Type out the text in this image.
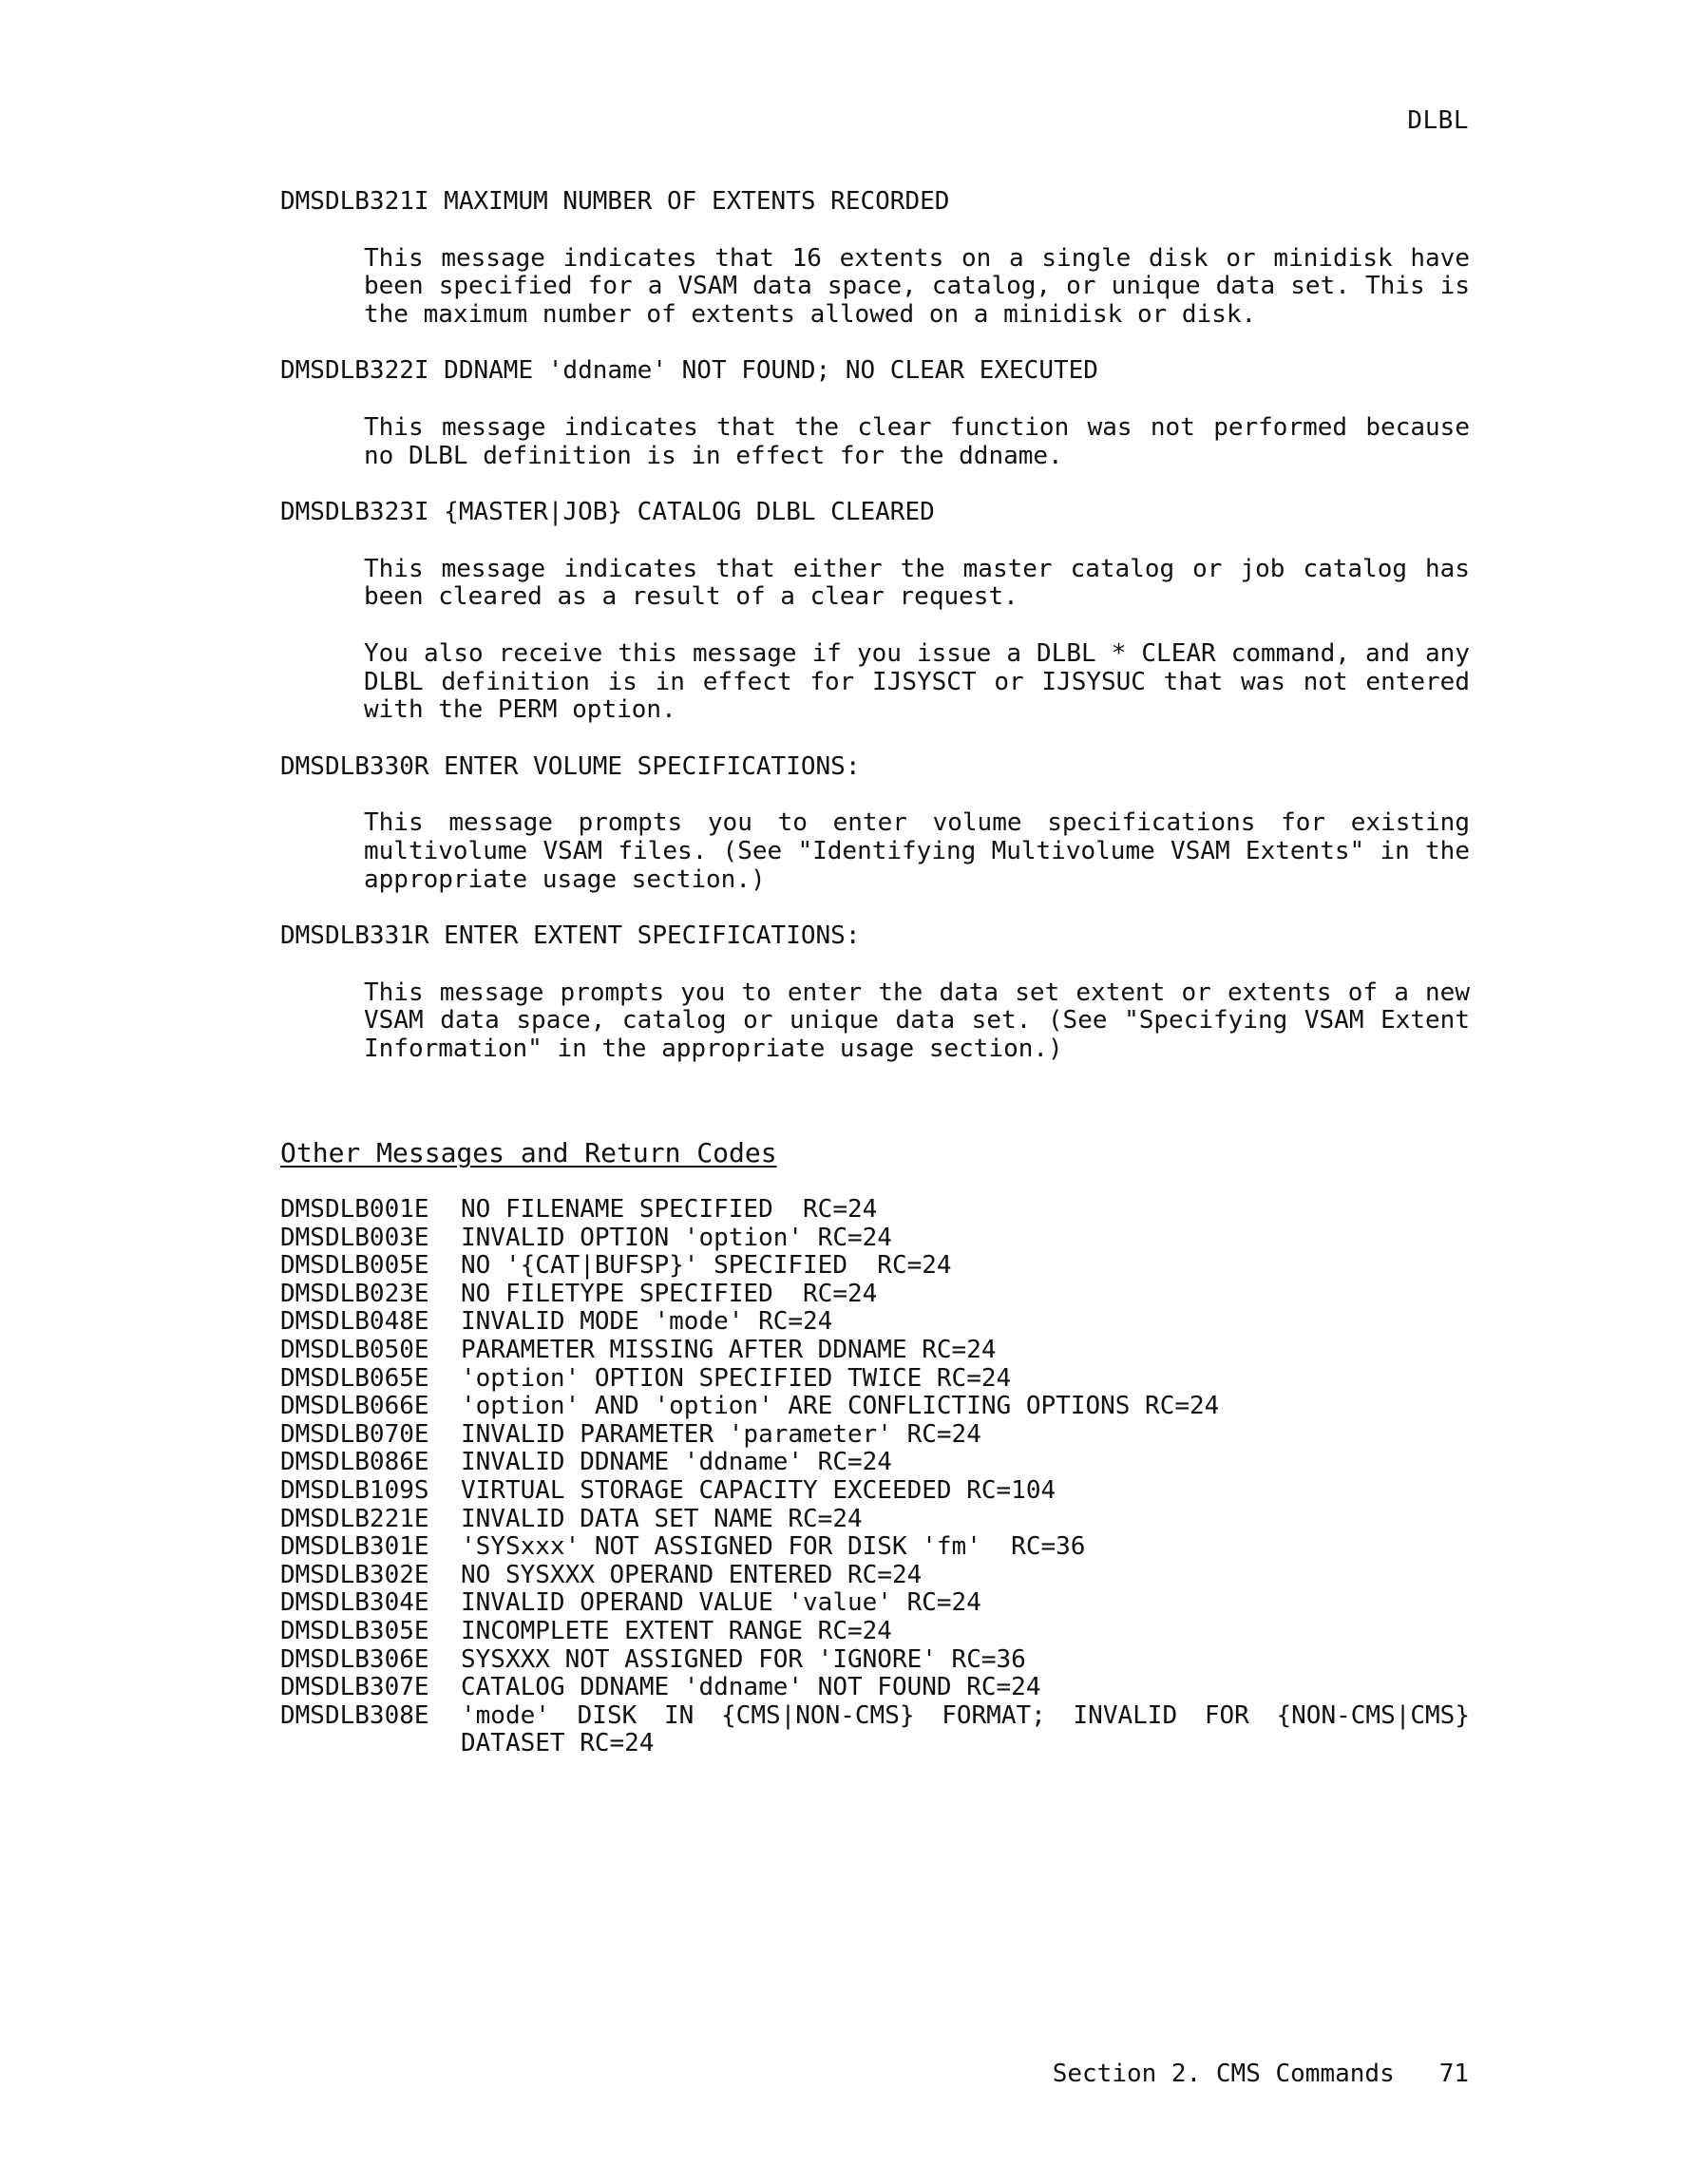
DLBL
DMSDLB321I MAXIMUM NUMBER OF EXTENTS RECORDED
This message indicates that 16 extents on a single disk or minidisk have been specified for a VSAM data space, catalog, or unique data set. This is the maximum number of extents allowed on a minidisk or disk.
DMSDLB322I DDNAME 'ddname' NOT FOUND; NO CLEAR EXECUTED
This message indicates that the clear function was not performed because no DLBL definition is in effect for the ddname.
DMSDLB323I {MASTER|JOB} CATALOG DLBL CLEARED
This message indicates that either the master catalog or job catalog has been cleared as a result of a clear request.
You also receive this message if you issue a DLBL * CLEAR command, and any DLBL definition is in effect for IJSYSCT or IJSYSUC that was not entered with the PERM option.
DMSDLB330R ENTER VOLUME SPECIFICATIONS:
This message prompts you to enter volume specifications for existing multivolume VSAM files. (See "Identifying Multivolume VSAM Extents" in the appropriate usage section.)
DMSDLB331R ENTER EXTENT SPECIFICATIONS:
This message prompts you to enter the data set extent or extents of a new VSAM data space, catalog or unique data set. (See "Specifying VSAM Extent Information" in the appropriate usage section.)
Other Messages and Return Codes
DMSDLB001E	NO FILENAME SPECIFIED  RC=24
DMSDLB003E	INVALID OPTION 'option' RC=24
DMSDLB005E	NO '{CAT|BUFSP}' SPECIFIED  RC=24
DMSDLB023E	NO FILETYPE SPECIFIED  RC=24
DMSDLB048E	INVALID MODE 'mode' RC=24
DMSDLB050E	PARAMETER MISSING AFTER DDNAME RC=24
DMSDLB065E	'option' OPTION SPECIFIED TWICE RC=24
DMSDLB066E	'option' AND 'option' ARE CONFLICTING OPTIONS RC=24
DMSDLB070E	INVALID PARAMETER 'parameter' RC=24
DMSDLB086E	INVALID DDNAME 'ddname' RC=24
DMSDLB109S	VIRTUAL STORAGE CAPACITY EXCEEDED RC=104
DMSDLB221E	INVALID DATA SET NAME RC=24
DMSDLB301E	'SYSxxx' NOT ASSIGNED FOR DISK 'fm'  RC=36
DMSDLB302E	NO SYSXXX OPERAND ENTERED RC=24
DMSDLB304E	INVALID OPERAND VALUE 'value' RC=24
DMSDLB305E	INCOMPLETE EXTENT RANGE RC=24
DMSDLB306E	SYSXXX NOT ASSIGNED FOR 'IGNORE' RC=36
DMSDLB307E	CATALOG DDNAME 'ddname' NOT FOUND RC=24
DMSDLB308E	'mode' DISK IN {CMS|NON-CMS} FORMAT; INVALID FOR {NON-CMS|CMS} DATASET RC=24
Section 2. CMS Commands   71
